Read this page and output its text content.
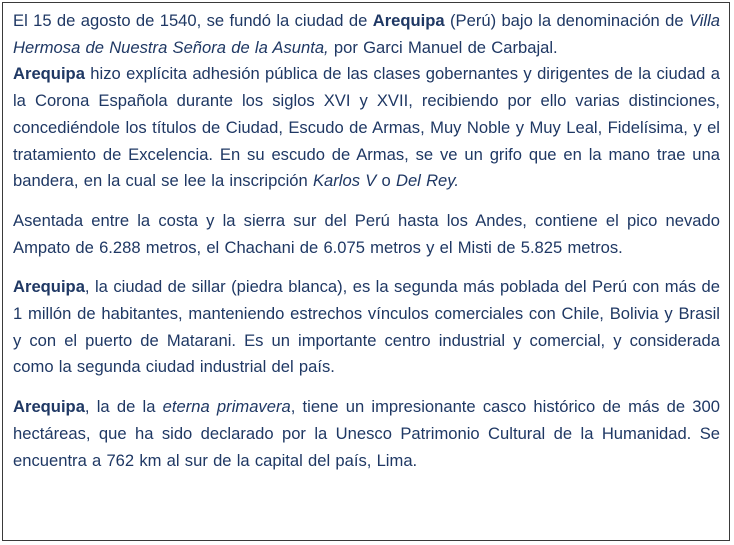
El 15 de agosto de 1540, se fundó la ciudad de Arequipa (Perú) bajo la denominación de Villa Hermosa de Nuestra Señora de la Asunta, por Garci Manuel de Carbajal.

Arequipa hizo explícita adhesión pública de las clases gobernantes y dirigentes de la ciudad a la Corona Española durante los siglos XVI y XVII, recibiendo por ello varias distinciones, concediéndole los títulos de Ciudad, Escudo de Armas, Muy Noble y Muy Leal, Fidelísima, y el tratamiento de Excelencia. En su escudo de Armas, se ve un grifo que en la mano trae una bandera, en la cual se lee la inscripción Karlos V o Del Rey.

Asentada entre la costa y la sierra sur del Perú hasta los Andes, contiene el pico nevado Ampato de 6.288 metros, el Chachani de 6.075 metros y el Misti de 5.825 metros.

Arequipa, la ciudad de sillar (piedra blanca), es la segunda más poblada del Perú con más de 1 millón de habitantes, manteniendo estrechos vínculos comerciales con Chile, Bolivia y Brasil y con el puerto de Matarani. Es un importante centro industrial y comercial, y considerada como la segunda ciudad industrial del país.

Arequipa, la de la eterna primavera, tiene un impresionante casco histórico de más de 300 hectáreas, que ha sido declarado por la Unesco Patrimonio Cultural de la Humanidad. Se encuentra a 762 km al sur de la capital del país, Lima.
